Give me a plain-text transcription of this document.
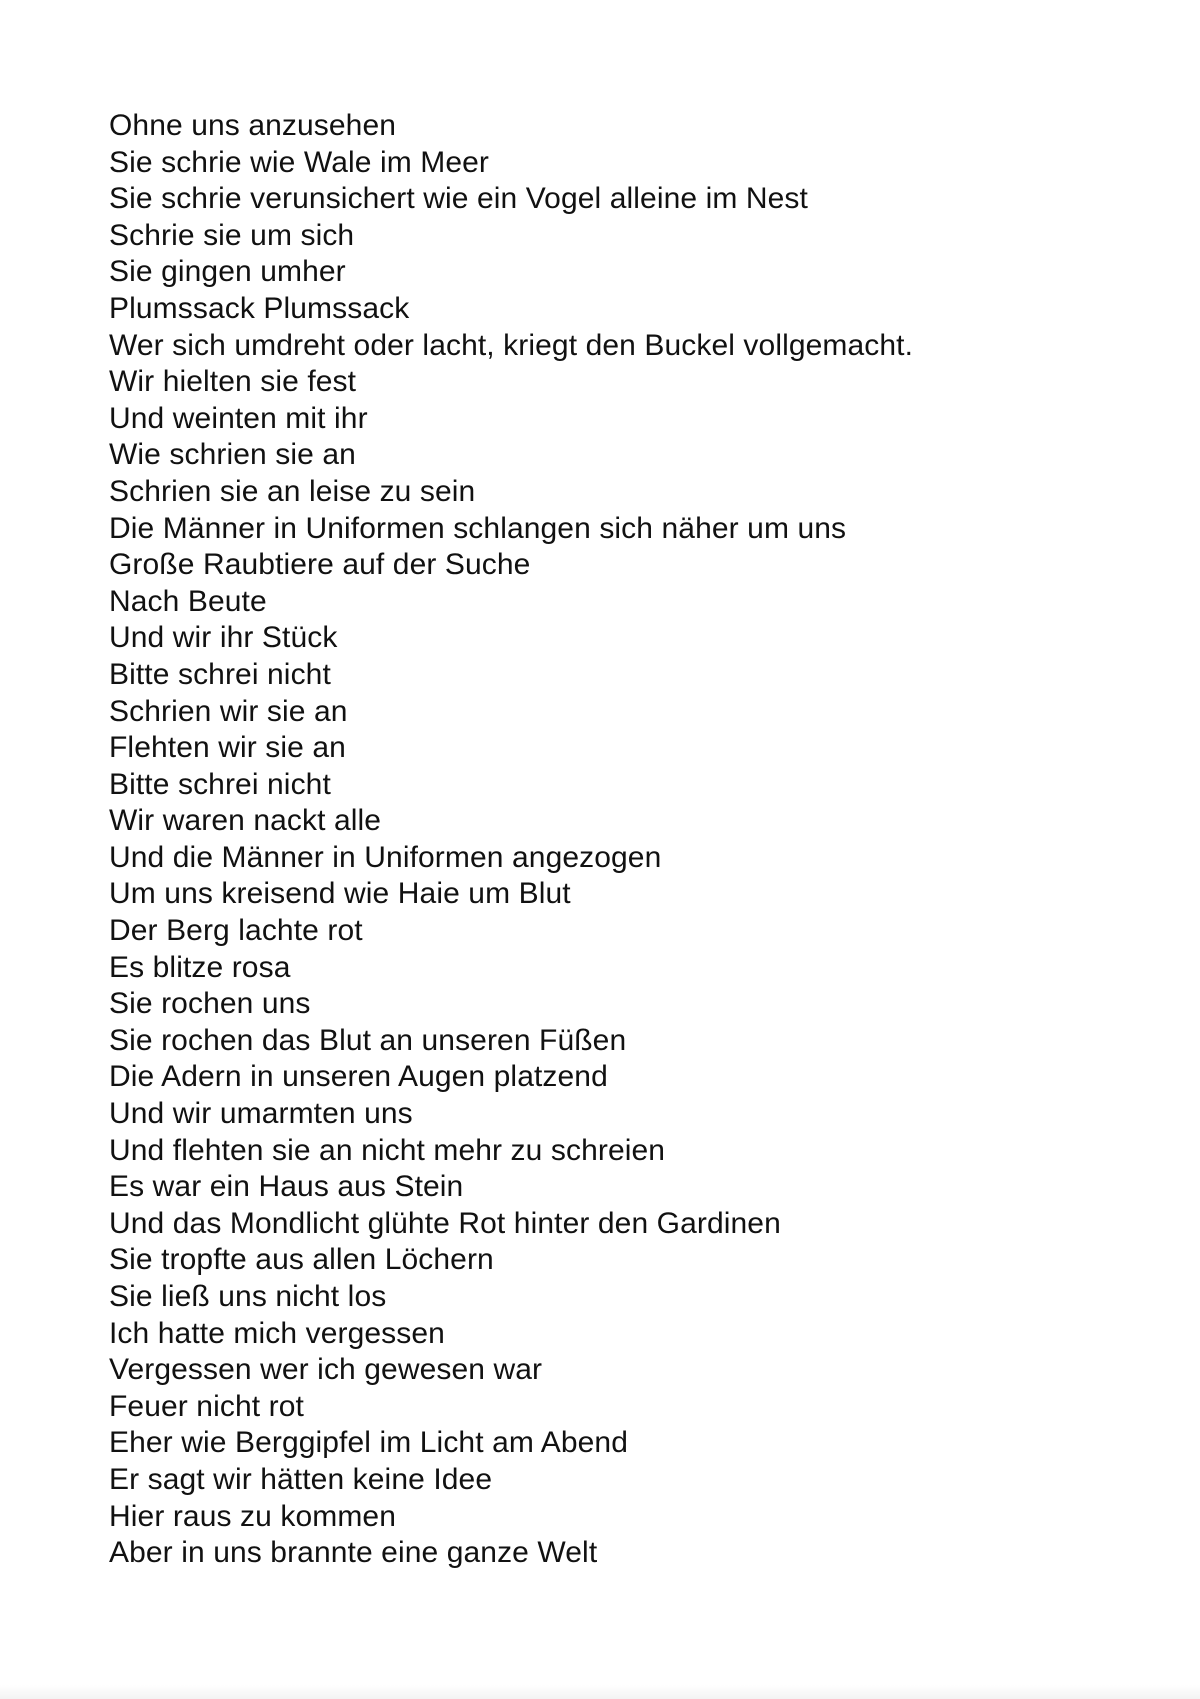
Ohne uns anzusehen
Sie schrie wie Wale im Meer
Sie schrie verunsichert wie ein Vogel alleine im Nest
Schrie sie um sich
Sie gingen umher
Plumssack Plumssack
Wer sich umdreht oder lacht, kriegt den Buckel vollgemacht.
Wir hielten sie fest
Und weinten mit ihr
Wie schrien sie an
Schrien sie an leise zu sein
Die Männer in Uniformen schlangen sich näher um uns
Große Raubtiere auf der Suche
Nach Beute
Und wir ihr Stück
Bitte schrei nicht
Schrien wir sie an
Flehten wir sie an
Bitte schrei nicht
Wir waren nackt alle
Und die Männer in Uniformen angezogen
Um uns kreisend wie Haie um Blut
Der Berg lachte rot
Es blitze rosa
Sie rochen uns
Sie rochen das Blut an unseren Füßen
Die Adern in unseren Augen platzend
Und wir umarmten uns
Und flehten sie an nicht mehr zu schreien
Es war ein Haus aus Stein
Und das Mondlicht glühte Rot hinter den Gardinen
Sie tropfte aus allen Löchern
Sie ließ uns nicht los
Ich hatte mich vergessen
Vergessen wer ich gewesen war
Feuer nicht rot
Eher wie Berggipfel im Licht am Abend
Er sagt wir hätten keine Idee
Hier raus zu kommen
Aber in uns brannte eine ganze Welt
